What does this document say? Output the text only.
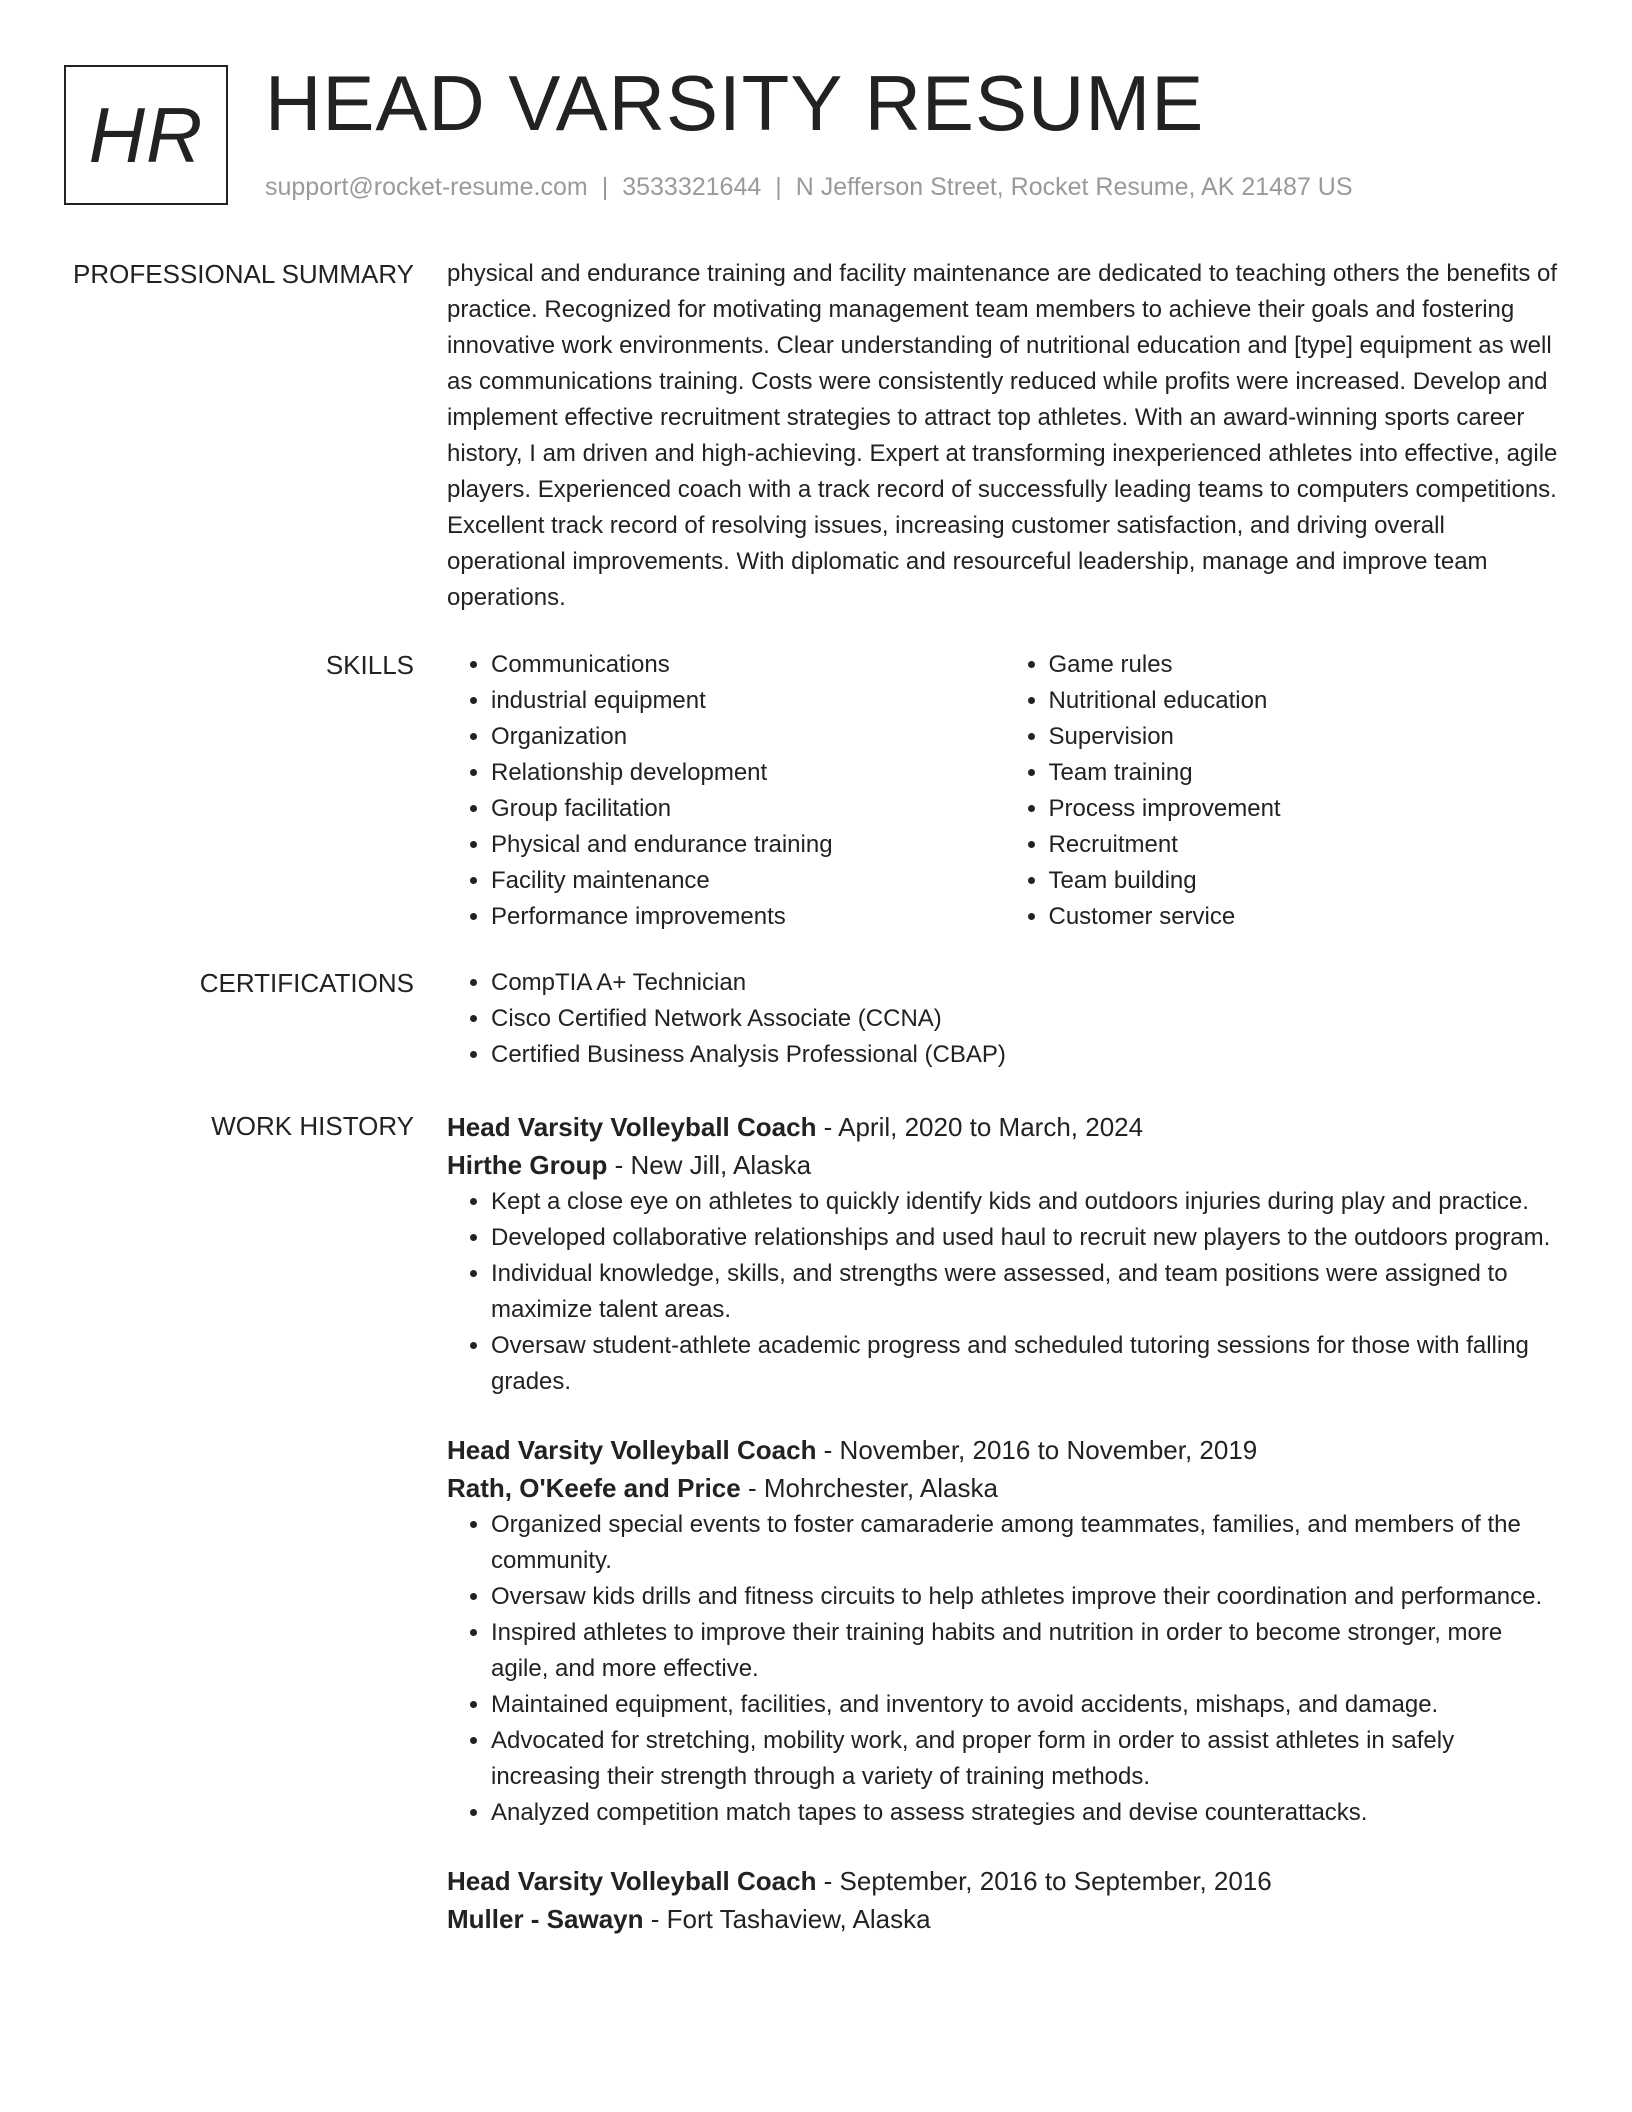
HR HEAD VARSITY RESUME
support@rocket-resume.com | 3533321644 | N Jefferson Street, Rocket Resume, AK 21487 US
PROFESSIONAL SUMMARY physical and endurance training and facility maintenance are dedicated to teaching others the benefits of practice. Recognized for motivating management team members to achieve their goals and fostering innovative work environments. Clear understanding of nutritional education and [type] equipment as well as communications training. Costs were consistently reduced while profits were increased. Develop and implement effective recruitment strategies to attract top athletes. With an award-winning sports career history, I am driven and high-achieving. Expert at transforming inexperienced athletes into effective, agile players. Experienced coach with a track record of successfully leading teams to computers competitions. Excellent track record of resolving issues, increasing customer satisfaction, and driving overall operational improvements. With diplomatic and resourceful leadership, manage and improve team operations.

SKILLS	• Communications
• industrial equipment
• Organization
• Relationship development
• Group facilitation
• Physical and endurance training
• Facility maintenance
• Performance improvements
• Game rules
• Nutritional education
• Supervision
• Team training
• Process improvement
• Recruitment
• Team building
• Customer service
CERTIFICATIONS	• CompTIA A+ Technician
• Cisco Certified Network Associate (CCNA)
• Certified Business Analysis Professional (CBAP)
WORK HISTORY Head Varsity Volleyball Coach - April, 2020 to March, 2024
Hirthe Group - New Jill, Alaska
• Kept a close eye on athletes to quickly identify kids and outdoors injuries during play and practice.
• Developed collaborative relationships and used haul to recruit new players to the outdoors program.
• Individual knowledge, skills, and strengths were assessed, and team positions were assigned to maximize talent areas.
• Oversaw student-athlete academic progress and scheduled tutoring sessions for those with falling grades.
Head Varsity Volleyball Coach - November, 2016 to November, 2019
Rath, O'Keefe and Price - Mohrchester, Alaska
• Organized special events to foster camaraderie among teammates, families, and members of the community.
• Oversaw kids drills and fitness circuits to help athletes improve their coordination and performance.
• Inspired athletes to improve their training habits and nutrition in order to become stronger, more agile, and more effective.
• Maintained equipment, facilities, and inventory to avoid accidents, mishaps, and damage.
• Advocated for stretching, mobility work, and proper form in order to assist athletes in safely increasing their strength through a variety of training methods.
• Analyzed competition match tapes to assess strategies and devise counterattacks.
Head Varsity Volleyball Coach - September, 2016 to September, 2016
Muller - Sawayn - Fort Tashaview, Alaska
